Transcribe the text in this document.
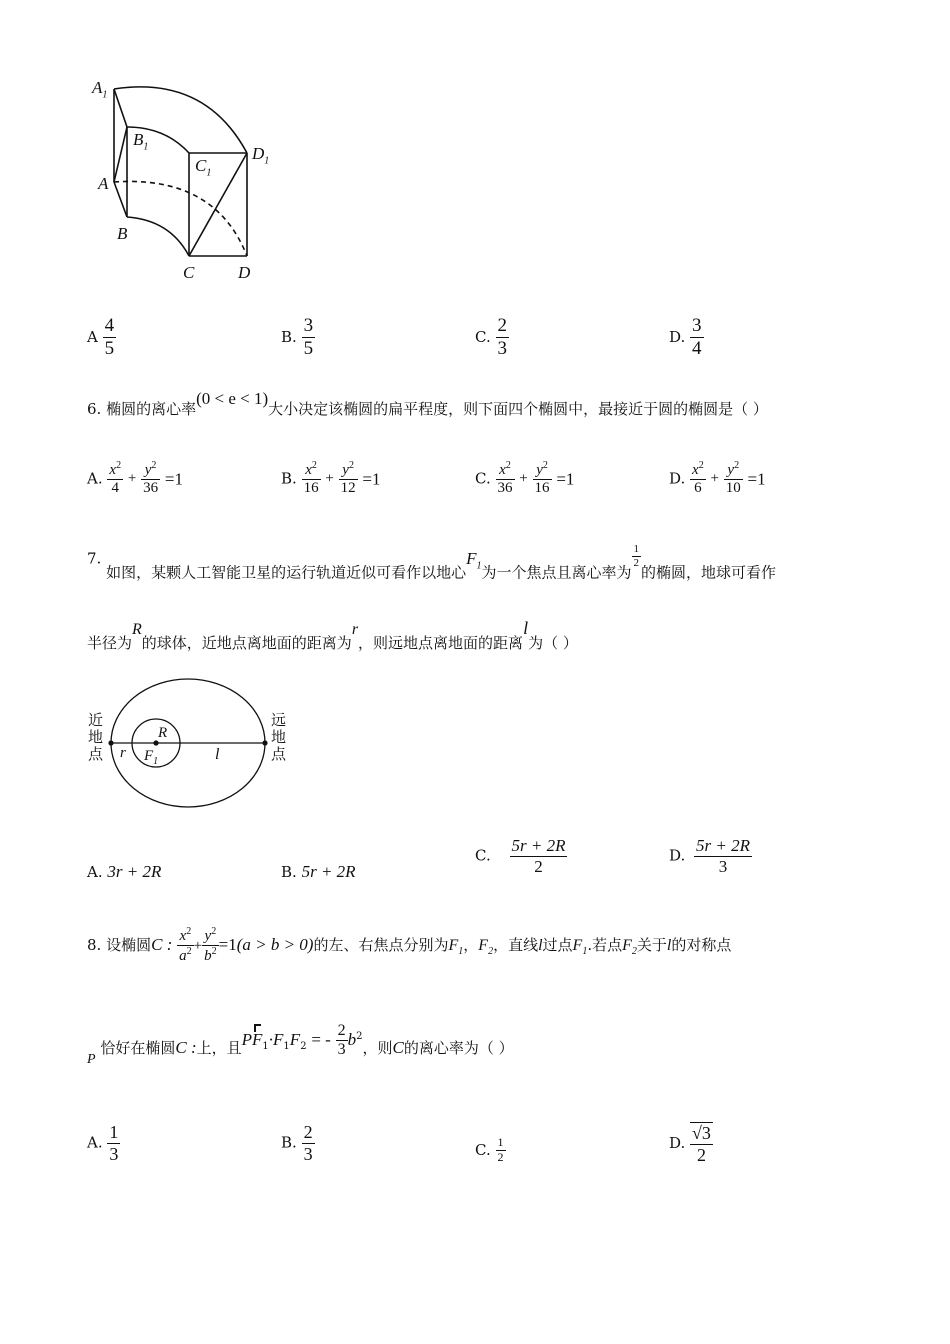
$A_1$
$B_1$
$C_1$
$D_1$
A
B
C	D
A $\frac{4}{5}$	B. $\frac{3}{5}$	C. $\frac{2}{3}$	D. $\frac{3}{4}$
6. 椭圆的离心率(0 < e < 1)大小决定该椭圆的扁平程度，则下面四个椭圆中，最接近于圆的椭圆是（ ）
A. $\frac{x^2}{4} + \frac{y^2}{36} =1$	B. $\frac{x^2}{16} + \frac{y^2}{12} =1$	C. $\frac{x^2}{36} + \frac{y^2}{16} =1$	D. $\frac{x^2}{6} + \frac{y^2}{10} =1$
7. 如图，某颗人工智能卫星的运行轨道近似可看作以地心$F_1$为一个焦点且离心率为
$\frac{1}{2}$
的椭圆，地球可看作
半径为R的球体，近地点离地面的距离为r，则远地点离地面的距离l为（ ）
近
地
点
远
地
点
R
r $F_1$	l
A. 3r + 2R	B. 5r + 2R
C. $\frac{5r + 2R}{2}$	D. $\frac{5r + 2R}{3}$
8. 设椭圆C : $\frac{x^2}{a^2} + \frac{y^2}{b^2} =1(a > b > 0)$的左、右焦点分别为$F_1$，$F_2$，直线l过点$F_1$.若点$F_2$关于l的对称点
P 恰好在椭圆C :上，且$PF_1\cdot F_1F_2$ = - $\frac{2}{3} b^2$，则C的离心率为（ ）
A. $\frac{1}{3}$	B. $\frac{2}{3}$	C. $\frac{1}{2}$	D. $\frac{√3}{2}$
